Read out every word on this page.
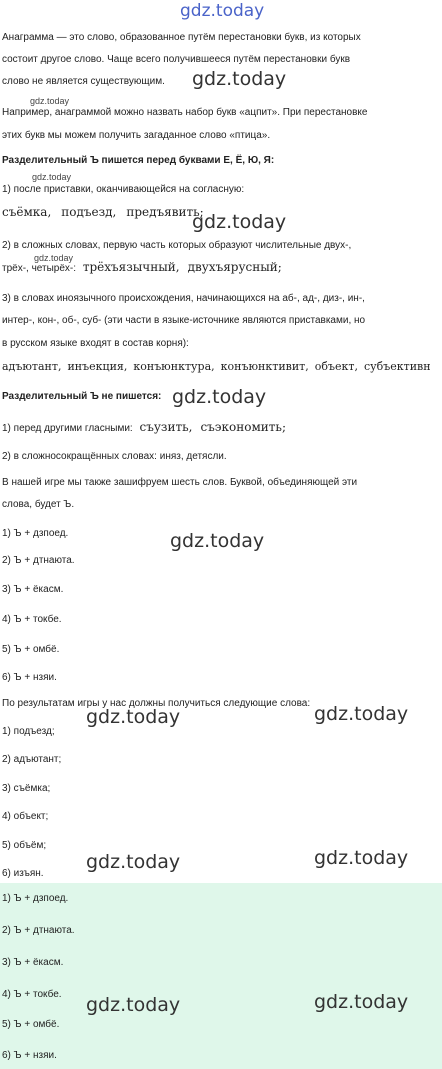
gdz.today

Анаграмма — это слово, образованное путём перестановки букв, из которых

состоит другое слово. Чаще всего получившееся путём перестановки букв

слово не является существующим.	gdz.today
gdz.today

Например, анаграммой можно назвать набор букв «ацпит». При перестановке

этих букв мы можем получить загаданное слово «птица».

Разделительный Ъ пишется перед буквами Е, Ё, Ю, Я:

gdz.today

1) после приставки, оканчивающейся на согласную:

съёмка, подъезд, предъявить;

gdz.today

2) в сложных словах, первую часть которых образуют числительные двух-,

gdz.today

трёх-, четырёх-: трёхъязычный, двухъярусный;

3) в словах иноязычного происхождения, начинающихся на аб-, ад-, диз-, ин-,

интер-, кон-, об-, суб- (эти части в языке-источнике являются приставками, но

в русском языке входят в состав корня):

адъютант, инъекция, конъюнктура, конъюнктивит, объект, субъективн

Разделительный Ъ не пишется: gdz.today

1) перед другими гласными: съузить, съэкономить;

2) в сложносокращённых словах: иняз, детясли.

В нашей игре мы также зашифруем шесть слов. Буквой, объединяющей эти

слова, будет Ъ.

1) Ъ + дзпоед.	gdz.today

2) Ъ + дтнаюта.

3) Ъ + ёкасм.

4) Ъ + токбе.

5) Ъ + омбё.

6) Ъ + нзяи.

По результатам игры у нас должны получиться следующие слова:

1) подъезд;

gdz.today	gdz.today

2) адъютант;

3) съёмка;

4) объект;

5) объём;

gdz.today	gdz.today

6) изъян.

1) Ъ + дзпоед.

2) Ъ + дтнаюта.

3) Ъ + ёкасм.

4) Ъ + токбе.	gdz.today	gdz.today

5) Ъ + омбё.

6) Ъ + нзяи.
